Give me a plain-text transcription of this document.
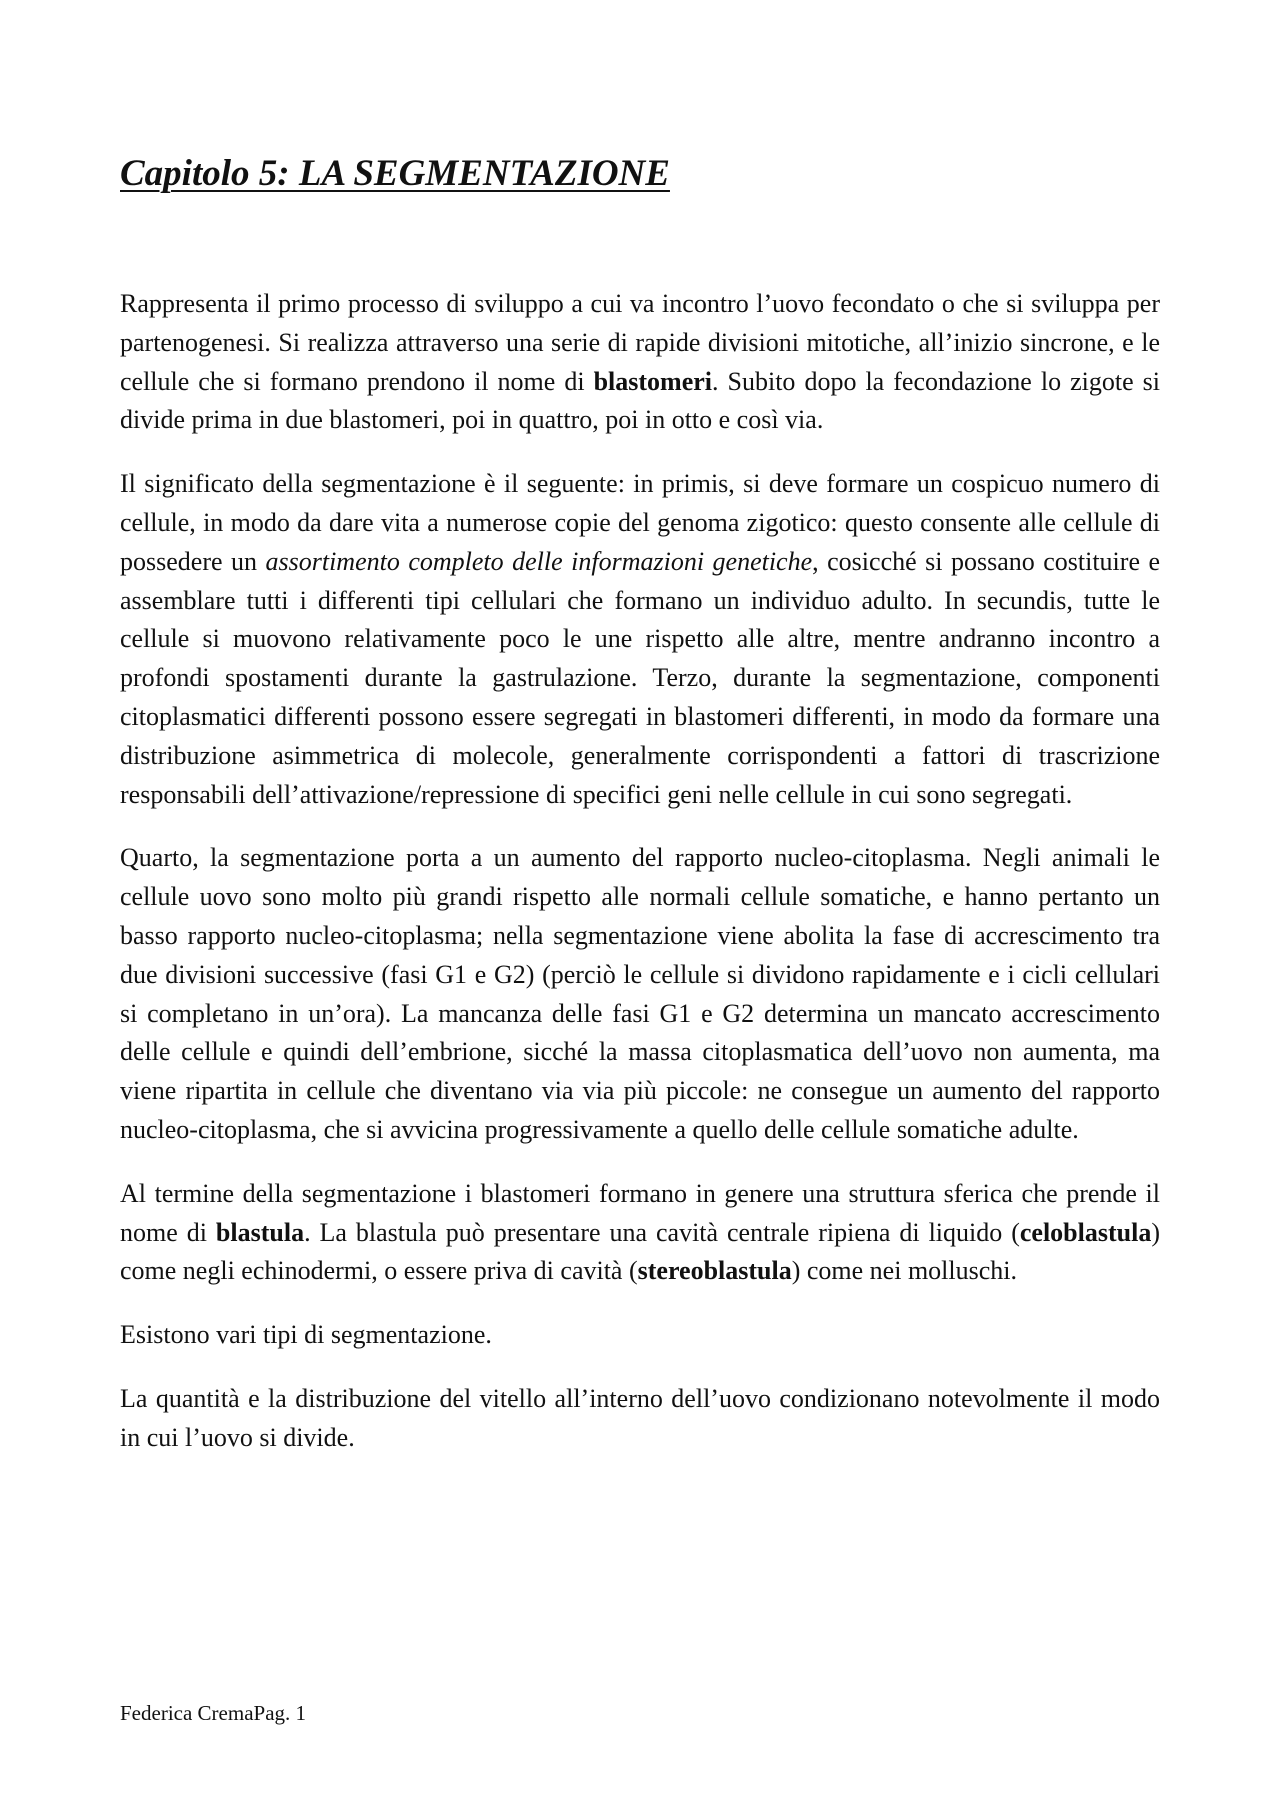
Capitolo 5: LA SEGMENTAZIONE

Rappresenta il primo processo di sviluppo a cui va incontro l’uovo fecondato o che si sviluppa per partenogenesi. Si realizza attraverso una serie di rapide divisioni mitotiche, all’inizio sincrone, e le cellule che si formano prendono il nome di blastomeri. Subito dopo la fecondazione lo zigote si divide prima in due blastomeri, poi in quattro, poi in otto e così via.

Il significato della segmentazione è il seguente: in primis, si deve formare un cospicuo numero di cellule, in modo da dare vita a numerose copie del genoma zigotico: questo consente alle cellule di possedere un assortimento completo delle informazioni genetiche, cosicché si possano costituire e assemblare tutti i differenti tipi cellulari che formano un individuo adulto. In secundis, tutte le cellule si muovono relativamente poco le une rispetto alle altre, mentre andranno incontro a profondi spostamenti durante la gastrulazione. Terzo, durante la segmentazione, componenti citoplasmatici differenti possono essere segregati in blastomeri differenti, in modo da formare una distribuzione asimmetrica di molecole, generalmente corrispondenti a fattori di trascrizione responsabili dell’attivazione/repressione di specifici geni nelle cellule in cui sono segregati.

Quarto, la segmentazione porta a un aumento del rapporto nucleo-citoplasma. Negli animali le cellule uovo sono molto più grandi rispetto alle normali cellule somatiche, e hanno pertanto un basso rapporto nucleo-citoplasma; nella segmentazione viene abolita la fase di accrescimento tra due divisioni successive (fasi G1 e G2) (perciò le cellule si dividono rapidamente e i cicli cellulari si completano in un’ora). La mancanza delle fasi G1 e G2 determina un mancato accrescimento delle cellule e quindi dell’embrione, sicché la massa citoplasmatica dell’uovo non aumenta, ma viene ripartita in cellule che diventano via via più piccole: ne consegue un aumento del rapporto nucleo-citoplasma, che si avvicina progressivamente a quello delle cellule somatiche adulte.

Al termine della segmentazione i blastomeri formano in genere una struttura sferica che prende il nome di blastula. La blastula può presentare una cavità centrale ripiena di liquido (celoblastula) come negli echinodermi, o essere priva di cavità (stereoblastula) come nei molluschi.

Esistono vari tipi di segmentazione.

La quantità e la distribuzione del vitello all’interno dell’uovo condizionano notevolmente il modo in cui l’uovo si divide.

Federica CremaPag. 1
